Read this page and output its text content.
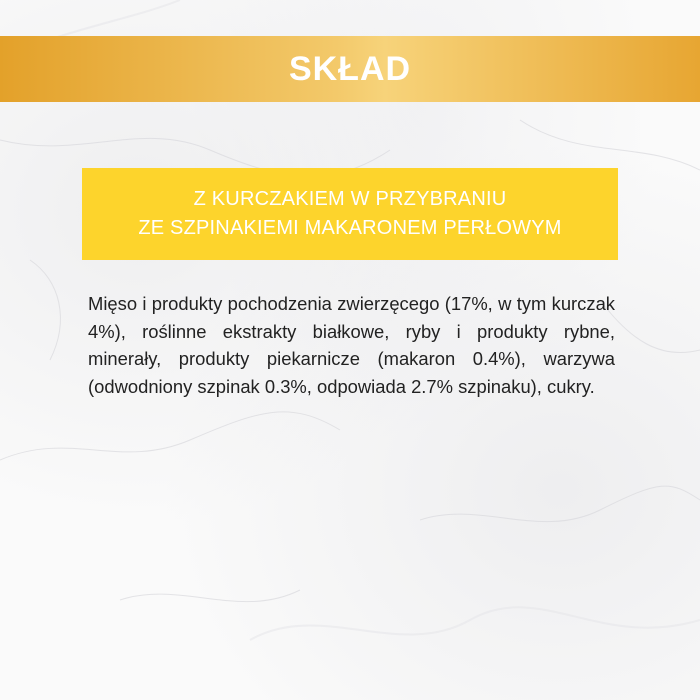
SKŁAD
Z KURCZAKIEM W PRZYBRANIU
ZE SZPINAKIEMI MAKARONEM PERŁOWYM

Mięso i produkty pochodzenia zwierzęcego (17%, w tym kurczak 4%), roślinne ekstrakty białkowe, ryby i produkty rybne, minerały, produkty piekarnicze (makaron 0.4%), warzywa (odwodniony szpinak 0.3%, odpowiada 2.7% szpinaku), cukry.
